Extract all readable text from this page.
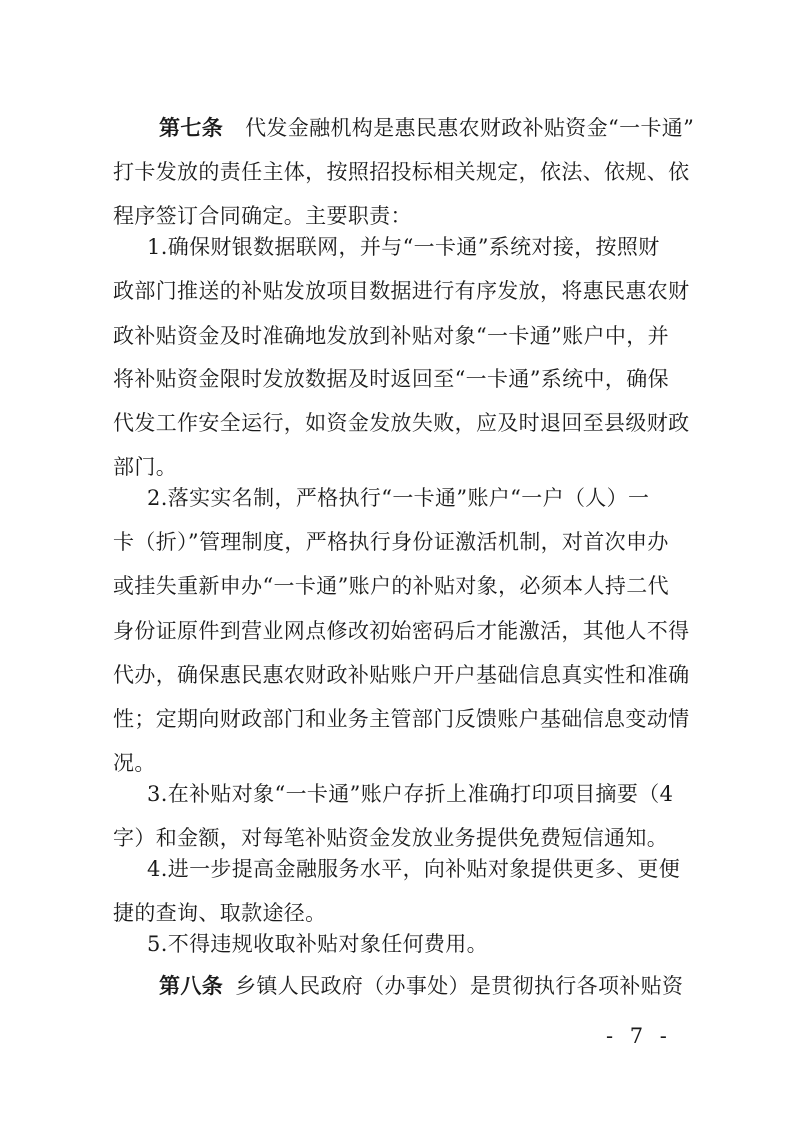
第七条 代发金融机构是惠民惠农财政补贴资金“一卡通”
打卡发放的责任主体，按照招投标相关规定，依法、依规、依
程序签订合同确定。主要职责：
1.确保财银数据联网，并与“一卡通”系统对接，按照财
政部门推送的补贴发放项目数据进行有序发放，将惠民惠农财
政补贴资金及时准确地发放到补贴对象“一卡通”账户中，并
将补贴资金限时发放数据及时返回至“一卡通”系统中，确保
代发工作安全运行，如资金发放失败，应及时退回至县级财政
部门。
2.落实实名制，严格执行“一卡通”账户“一户（人）一
卡（折）”管理制度，严格执行身份证激活机制，对首次申办
或挂失重新申办“一卡通”账户的补贴对象，必须本人持二代
身份证原件到营业网点修改初始密码后才能激活，其他人不得
代办，确保惠民惠农财政补贴账户开户基础信息真实性和准确
性；定期向财政部门和业务主管部门反馈账户基础信息变动情
况。
3.在补贴对象“一卡通”账户存折上准确打印项目摘要（4
字）和金额，对每笔补贴资金发放业务提供免费短信通知。
4.进一步提高金融服务水平，向补贴对象提供更多、更便
捷的查询、取款途径。
5.不得违规收取补贴对象任何费用。
第八条 乡镇人民政府（办事处）是贯彻执行各项补贴资
- 7 -
